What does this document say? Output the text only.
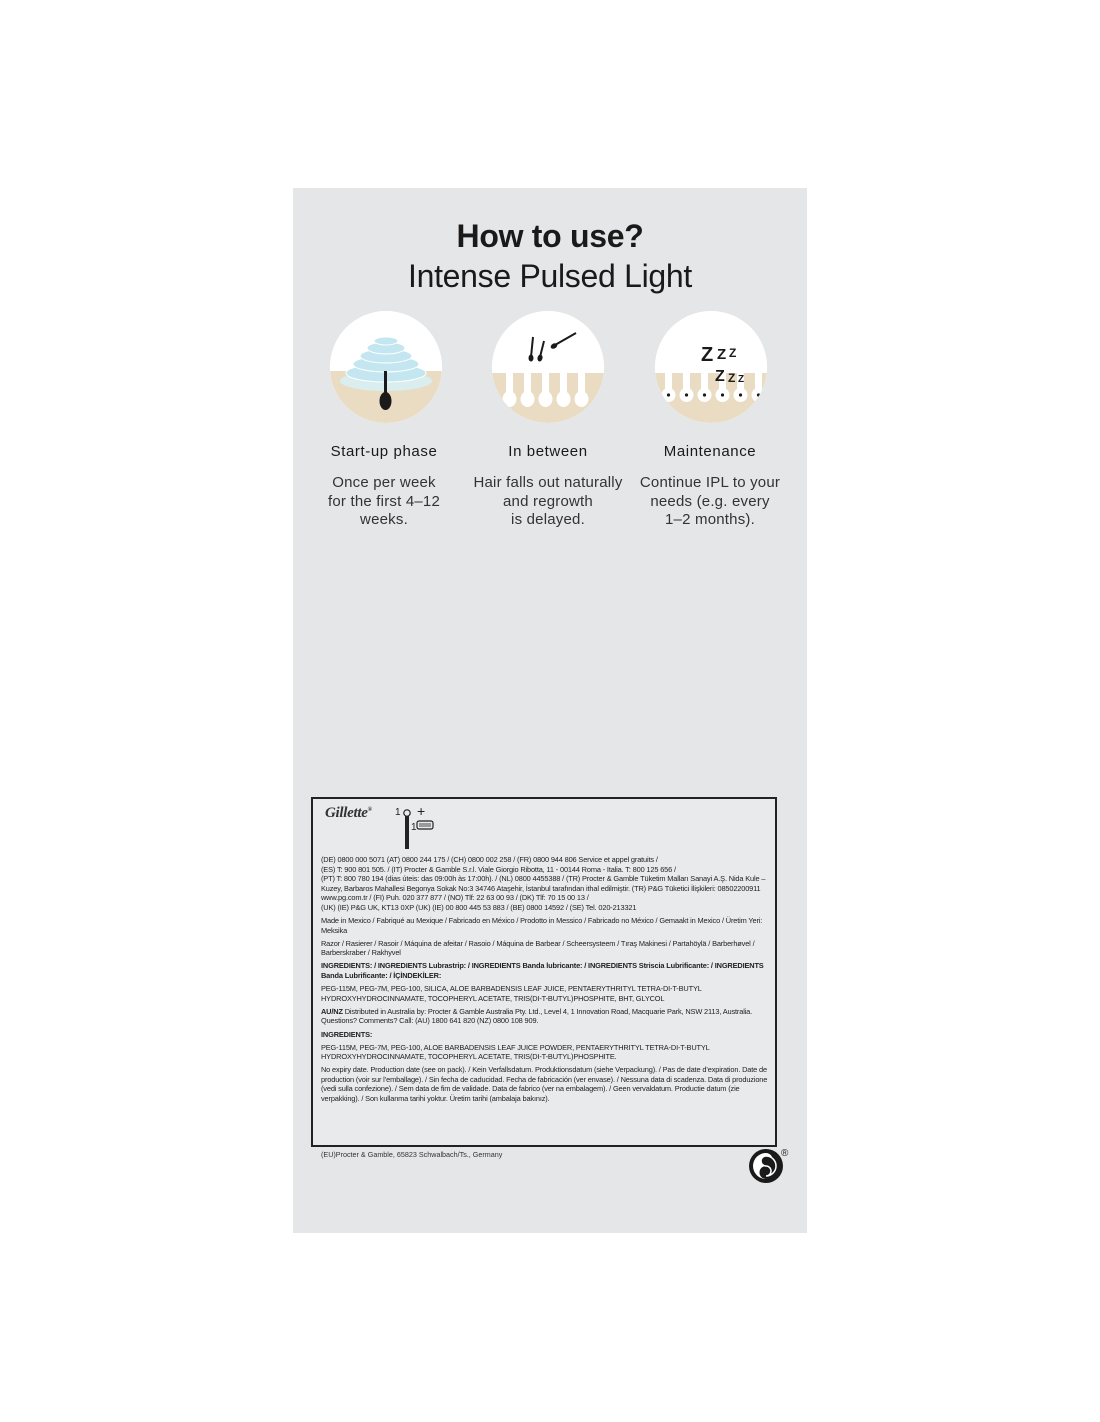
How to use?
Intense Pulsed Light
Z Z Z
Z Z Z
Start-up phase	In between	Maintenance
Once per week
for the first 4–12
weeks.
Hair falls out naturally
and regrowth
is delayed.
Continue IPL to your
needs (e.g. every
1–2 months).
Gillette® 1 +
1

(DE) 0800 000 5071 (AT) 0800 244 175 / (CH) 0800 002 258 / (FR) 0800 944 806 Service et appel gratuits /
(ES) T: 900 801 505. / (IT) Procter & Gamble S.r.l. Viale Giorgio Ribotta, 11 - 00144 Roma - Italia. T: 800 125 656 /
(PT) T: 800 780 194 (dias úteis: das 09:00h às 17:00h). / (NL) 0800 4455388 / (TR) Procter & Gamble Tüketim Malları Sanayi A.Ş. Nida Kule – Kuzey, Barbaros Mahallesi Begonya Sokak No:3 34746 Ataşehir, İstanbul tarafından ithal edilmiştir. (TR) P&G Tüketici İlişkileri: 08502200911 www.pg.com.tr / (FI) Puh. 020 377 877 / (NO) Tlf: 22 63 00 93 / (DK) Tlf: 70 15 00 13 /
(UK) (IE) P&G UK, KT13 0XP (UK) (IE) 00 800 445 53 883 / (BE) 0800 14592 / (SE) Tel. 020-213321

Made in Mexico / Fabriqué au Mexique / Fabricado en México / Prodotto in Messico / Fabricado no México / Gemaakt in Mexico / Üretim Yeri: Meksika

Razor / Rasierer / Rasoir / Máquina de afeitar / Rasoio / Máquina de Barbear / Scheersysteem / Tıraş Makinesi / Partahöylä / Barberhøvel / Barberskraber / Rakhyvel

INGREDIENTS: / INGREDIENTS Lubrastrip: / INGREDIENTS Banda lubricante: / INGREDIENTS Striscia Lubrificante: / INGREDIENTS Banda Lubrificante: / İÇİNDEKİLER:

PEG-115M, PEG-7M, PEG-100, SILICA, ALOE BARBADENSIS LEAF JUICE, PENTAERYTHRITYL TETRA-DI-T-BUTYL HYDROXYHYDROCINNAMATE, TOCOPHERYL ACETATE, TRIS(DI-T-BUTYL)PHOSPHITE, BHT, GLYCOL

AU/NZ Distributed in Australia by: Procter & Gamble Australia Pty. Ltd., Level 4, 1 Innovation Road, Macquarie Park, NSW 2113, Australia. Questions? Comments? Call: (AU) 1800 641 820 (NZ) 0800 108 909.

INGREDIENTS:

PEG-115M, PEG-7M, PEG-100, ALOE BARBADENSIS LEAF JUICE POWDER, PENTAERYTHRITYL TETRA-DI-T-BUTYL HYDROXYHYDROCINNAMATE, TOCOPHERYL ACETATE, TRIS(DI-T-BUTYL)PHOSPHITE.

No expiry date. Production date (see on pack). / Kein Verfallsdatum. Produktionsdatum (siehe Verpackung). / Pas de date d’expiration. Date de production (voir sur l’emballage). / Sin fecha de caducidad. Fecha de fabricación (ver envase). / Nessuna data di scadenza. Data di produzione (vedi sulla confezione). / Sem data de fim de validade. Data de fabrico (ver na embalagem). / Geen vervaldatum. Productie datum (zie verpakking). / Son kullanma tarihi yoktur. Üretim tarihi (ambalaja bakınız).

(EU)Procter & Gamble, 65823 Schwalbach/Ts., Germany	®
